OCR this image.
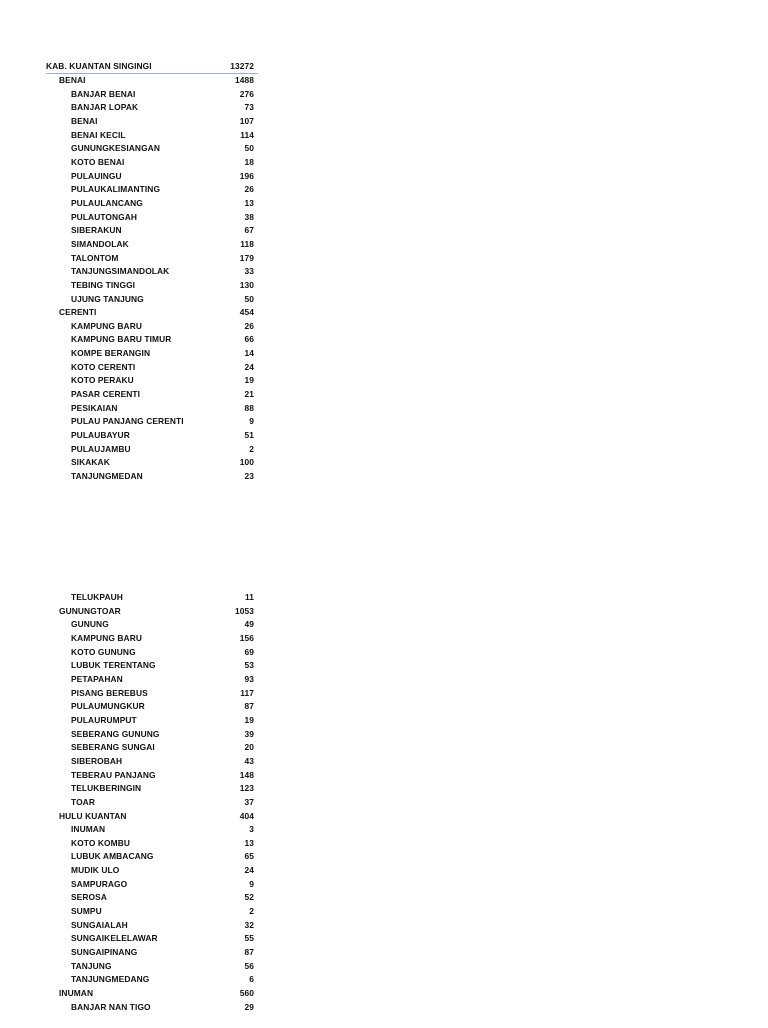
KAB. KUANTAN SINGINGI	13272
BENAI	1488
BANJAR BENAI	276
BANJAR LOPAK	73
BENAI	107
BENAI KECIL	114
GUNUNGKESIANGAN	50
KOTO BENAI	18
PULAUINGU	196
PULAUKALIMANTING	26
PULAULANCANG	13
PULAUTONGAH	38
SIBERAKUN	67
SIMANDOLAK	118
TALONTOM	179
TANJUNGSIMANDOLAK	33
TEBING TINGGI	130
UJUNG TANJUNG	50
CERENTI	454
KAMPUNG BARU	26
KAMPUNG BARU TIMUR	66
KOMPE BERANGIN	14
KOTO CERENTI	24
KOTO PERAKU	19
PASAR CERENTI	21
PESIKAIAN	88
PULAU PANJANG CERENTI	9
PULAUBAYUR	51
PULAUJAMBU	2
SIKAKAK	100
TANJUNGMEDAN	23
TELUKPAUH	11
GUNUNGTOAR	1053
GUNUNG	49
KAMPUNG BARU	156
KOTO GUNUNG	69
LUBUK TERENTANG	53
PETAPAHAN	93
PISANG BEREBUS	117
PULAUMUNGKUR	87
PULAURUMPUT	19
SEBERANG GUNUNG	39
SEBERANG SUNGAI	20
SIBEROBAH	43
TEBERAU PANJANG	148
TELUKBERINGIN	123
TOAR	37
HULU KUANTAN	404
INUMAN	3
KOTO KOMBU	13
LUBUK AMBACANG	65
MUDIK ULO	24
SAMPURAGO	9
SEROSA	52
SUMPU	2
SUNGAIALAH	32
SUNGAIKELELAWAR	55
SUNGAIPINANG	87
TANJUNG	56
TANJUNGMEDANG	6
INUMAN	560
BANJAR NAN TIGO	29
